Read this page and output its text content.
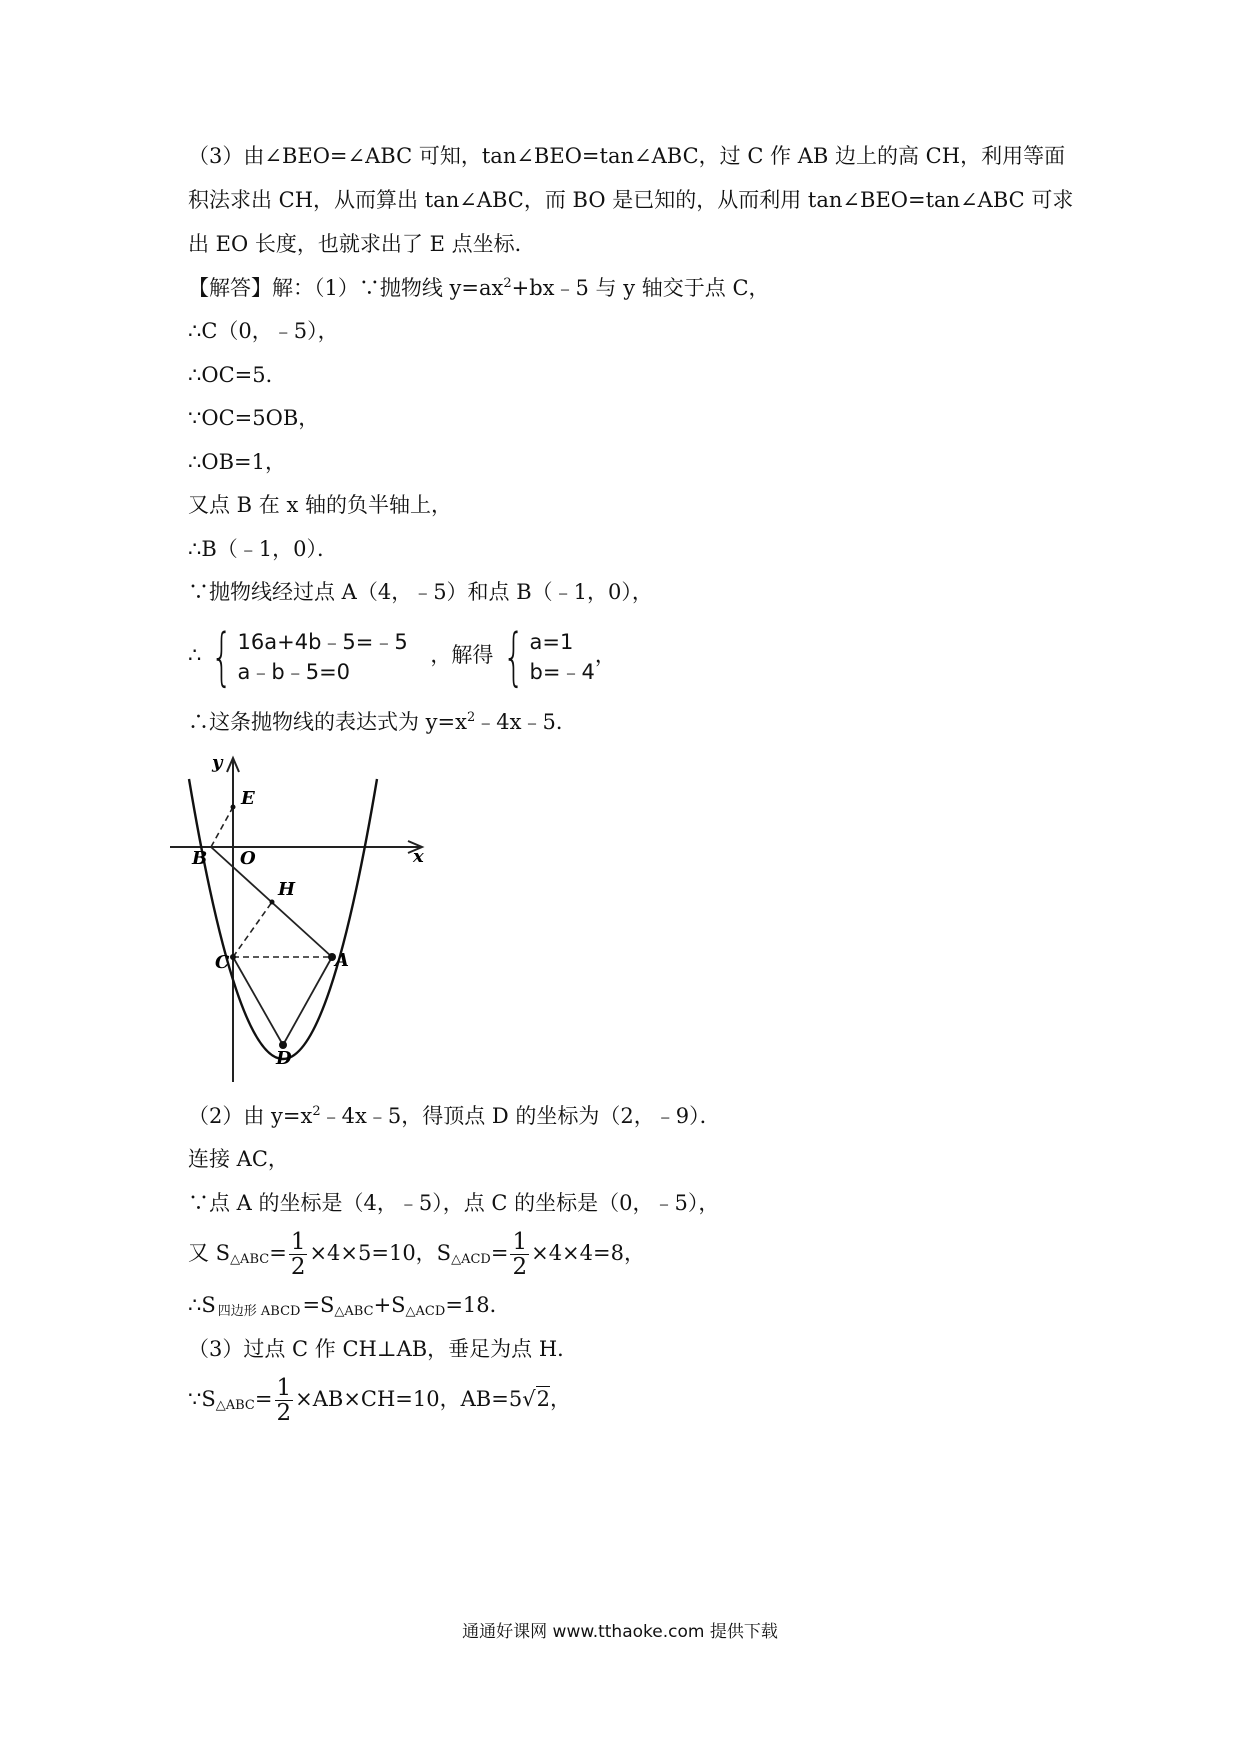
（3）由∠BEO=∠ABC 可知，tan∠BEO=tan∠ABC，过 C 作 AB 边上的高 CH，利用等面
积法求出 CH，从而算出 tan∠ABC，而 BO 是已知的，从而利用 tan∠BEO=tan∠ABC 可求
出 EO 长度，也就求出了 E 点坐标．
【解答】解：（1）∵抛物线 $y=ax^2+bx﹣5$ 与 y 轴交于点 C，
∴C（0，﹣5），
∴OC=5．
∵OC=5OB，
∴OB=1，
又点 B 在 x 轴的负半轴上，
∴B（﹣1，0）．
∵抛物线经过点 A（4，﹣5）和点 B（﹣1，0），
∴ { 16a+4b﹣5=﹣5
a﹣b﹣5=0
，解得 { a=1
b=﹣4
，
∴这条抛物线的表达式为 $y=x^2﹣4x﹣5$．
y
x
E
B O
H
C	A
D
（2）由 $y=x^2﹣4x﹣5$，得顶点 D 的坐标为（2，﹣9）．
连接 AC，
∵点 A 的坐标是（4，﹣5），点 C 的坐标是（0，﹣5），
又 $S_{\triangle ABC}= \frac{1}{2} \times 4\times 5=10$，$S_{\triangle ACD}= \frac{1}{2} \times 4\times 4=8$，
∴S $_{四边形 ABCD}=S_{\triangle ABC}+S_{\triangle ACD}=18$．
（3）过点 C 作 CH⊥AB，垂足为点 H．
$\because S_{\triangle ABC}= \frac{1}{2} \times AB\times CH=10$，AB=5√2，
通通好课网 www.tthaoke.com 提供下载
